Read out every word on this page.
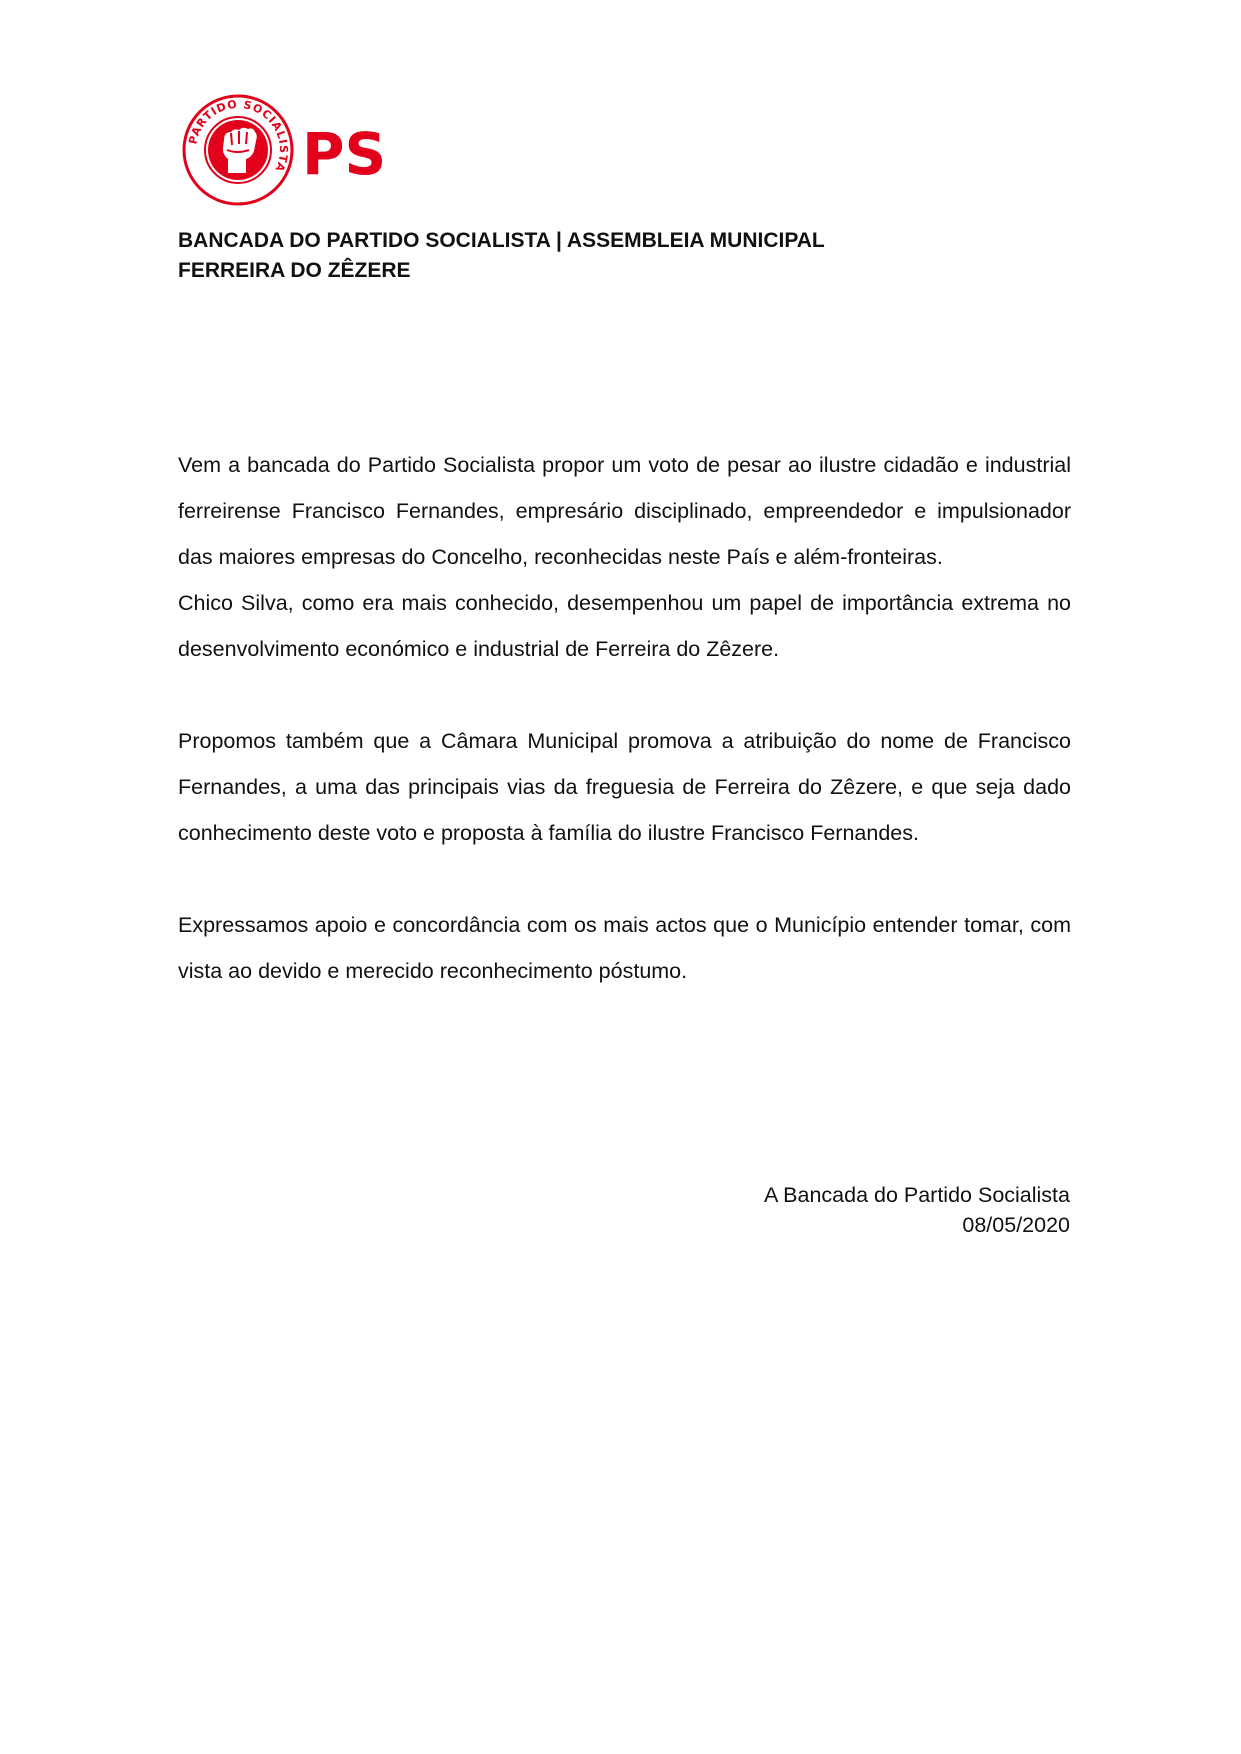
PARTIDO SOCIALISTA PS
BANCADA DO PARTIDO SOCIALISTA | ASSEMBLEIA MUNICIPAL
FERREIRA DO ZÊZERE

Vem a bancada do Partido Socialista propor um voto de pesar ao ilustre cidadão e industrial ferreirense Francisco Fernandes, empresário disciplinado, empreendedor e impulsionador das maiores empresas do Concelho, reconhecidas neste País e além-fronteiras.

Chico Silva, como era mais conhecido, desempenhou um papel de importância extrema no desenvolvimento económico e industrial de Ferreira do Zêzere.

Propomos também que a Câmara Municipal promova a atribuição do nome de Francisco Fernandes, a uma das principais vias da freguesia de Ferreira do Zêzere, e que seja dado conhecimento deste voto e proposta à família do ilustre Francisco Fernandes.

Expressamos apoio e concordância com os mais actos que o Município entender tomar, com vista ao devido e merecido reconhecimento póstumo.

A Bancada do Partido Socialista
08/05/2020
